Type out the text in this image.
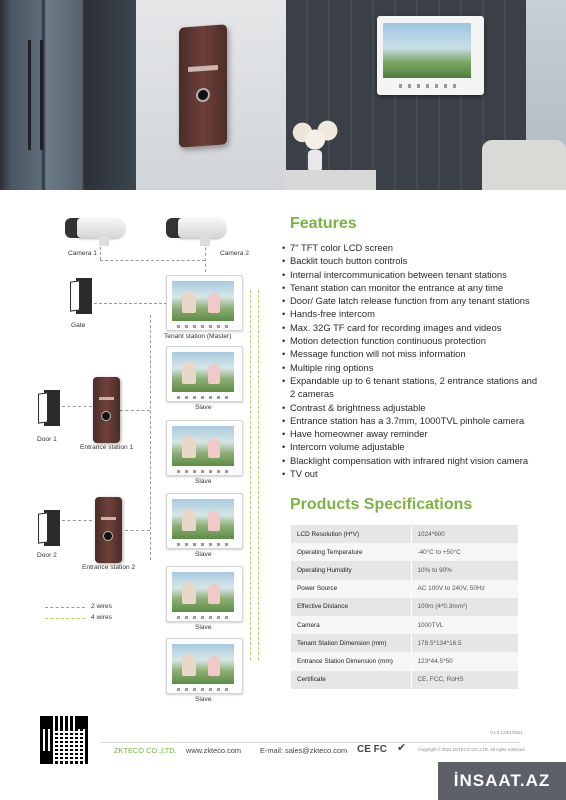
Camera 1	Camera 2
Gate
Tenant station (Master)
Slave
Slave
Slave
Slave
Slave
Door 1
Entrance station 1
Door 2
Entrance station 2
2 wires
4 wires
Features
• 7" TFT color LCD screen
• Backlit touch button controls
• Internal intercommunication between tenant stations
• Tenant station can monitor the entrance at any time
• Door/ Gate latch release function from any tenant stations
• Hands-free intercom
• Max. 32G TF card for recording images and videos
• Motion detection function continuous protection
• Message function will not miss information
• Multiple ring options
• Expandable up to 6 tenant stations, 2 entrance stations and 2 cameras
• Contrast & brightness adjustable
• Entrance station has a 3.7mm, 1000TVL pinhole camera
• Have homeowner away reminder
• Intercom volume adjustable
• Blacklight compensation with infrared night vision camera
• TV out
Products Specifications
LCD Resolution (H*V)	1024*600
Operating Temperature	-40°C to +50°C
Operating Humidity	10% to 90%
Power Source	AC 100V to 240V, 50Hz
Effective Distance	100m (4*0.3mm²)
Camera	1000TVL
Tenant Station Dimension (mm)	178.5*134*16.5
Entrance Station Dimension (mm)	123*44.5*50
Certificate	CE, FCC, RoHS
V1.0 12/01/2021
ZKTECO CO.,LTD. www.zkteco.com	E-mail: sales@zkteco.com CE FC ✔	Copyright © 2021 ZKTECO CO.,LTD. All rights reserved.
İNSAAT.AZ
